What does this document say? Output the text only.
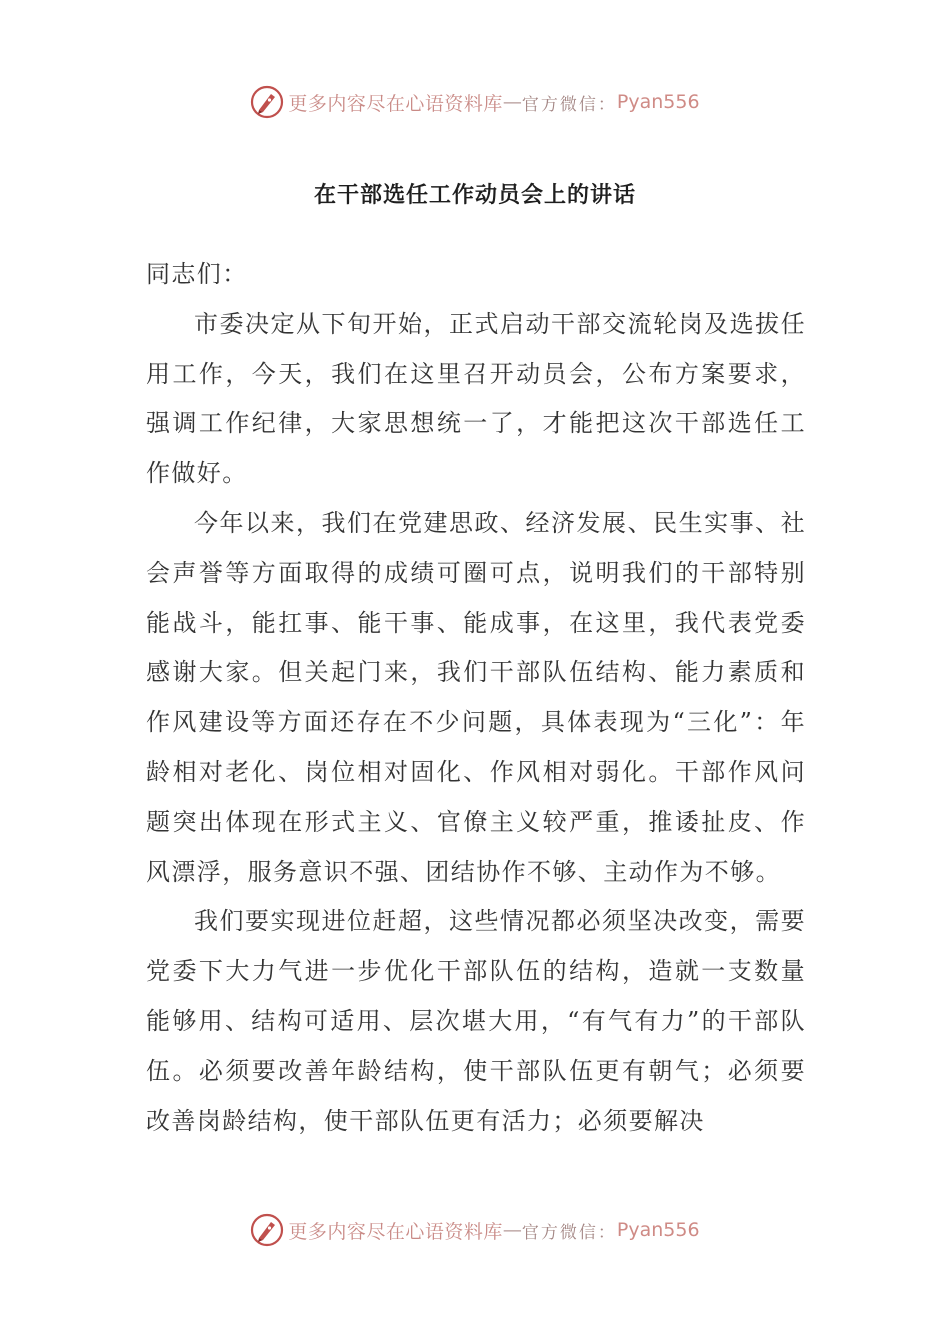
更多内容尽在心语资料库 — 官方微信： Pyan556
在干部选任工作动员会上的讲话

同志们：

市委决定从下旬开始，正式启动干部交流轮岗及选拔任用工作，今天，我们在这里召开动员会，公布方案要求，强调工作纪律，大家思想统一了，才能把这次干部选任工作做好。

今年以来，我们在党建思政、经济发展、民生实事、社会声誉等方面取得的成绩可圈可点，说明我们的干部特别能战斗，能扛事、能干事、能成事，在这里，我代表党委感谢大家。但关起门来，我们干部队伍结构、能力素质和作风建设等方面还存在不少问题，具体表现为“三化”：年龄相对老化、岗位相对固化、作风相对弱化。干部作风问题突出体现在形式主义、官僚主义较严重，推诿扯皮、作风漂浮，服务意识不强、团结协作不够、主动作为不够。

我们要实现进位赶超，这些情况都必须坚决改变，需要党委下大力气进一步优化干部队伍的结构，造就一支数量能够用、结构可适用、层次堪大用，“有气有力”的干部队伍。必须要改善年龄结构，使干部队伍更有朝气；必须要改善岗龄结构，使干部队伍更有活力；必须要解决

更多内容尽在心语资料库 — 官方微信： Pyan556
